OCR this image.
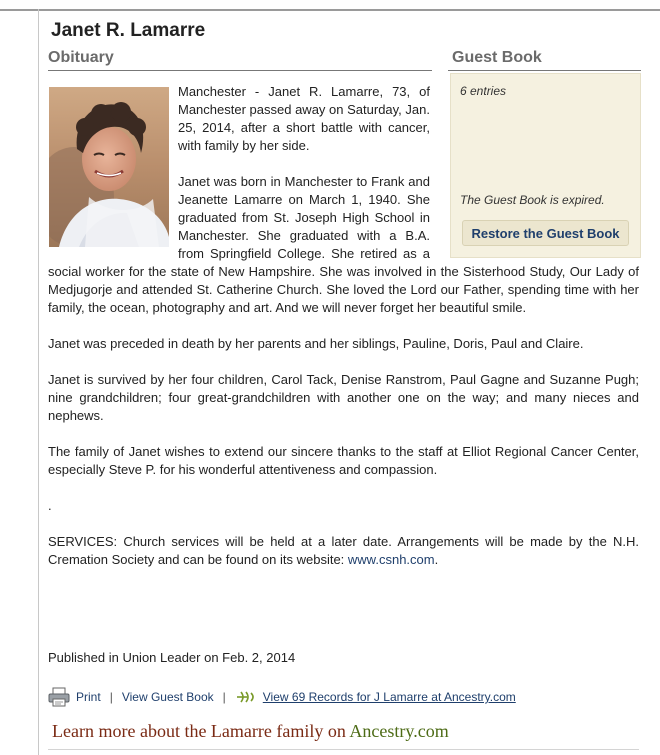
Janet R. Lamarre
Obituary	Guest Book
6 entries
The Guest Book is expired.
Restore the Guest Book

Manchester - Janet R. Lamarre, 73, of Manchester passed away on Saturday, Jan. 25, 2014, after a short battle with cancer, with family by her side.

Janet was born in Manchester to Frank and Jeanette Lamarre on March 1, 1940. She graduated from St. Joseph High School in Manchester. She graduated with a B.A. from Springfield College. She retired as a social worker for the state of New Hampshire. She was involved in the Sisterhood Study, Our Lady of Medjugorje and attended St. Catherine Church. She loved the Lord our Father, spending time with her family, the ocean, photography and art. And we will never forget her beautiful smile.

Janet was preceded in death by her parents and her siblings, Pauline, Doris, Paul and Claire.

Janet is survived by her four children, Carol Tack, Denise Ranstrom, Paul Gagne and Suzanne Pugh; nine grandchildren; four great-grandchildren with another one on the way; and many nieces and nephews.

The family of Janet wishes to extend our sincere thanks to the staff at Elliot Regional Cancer Center, especially Steve P. for his wonderful attentiveness and compassion.

.

SERVICES: Church services will be held at a later date. Arrangements will be made by the N.H. Cremation Society and can be found on its website: www.csnh.com.

Published in Union Leader on Feb. 2, 2014
Print | View Guest Book |	View 69 Records for J Lamarre at Ancestry.com
Learn more about the Lamarre family on Ancestry.com
